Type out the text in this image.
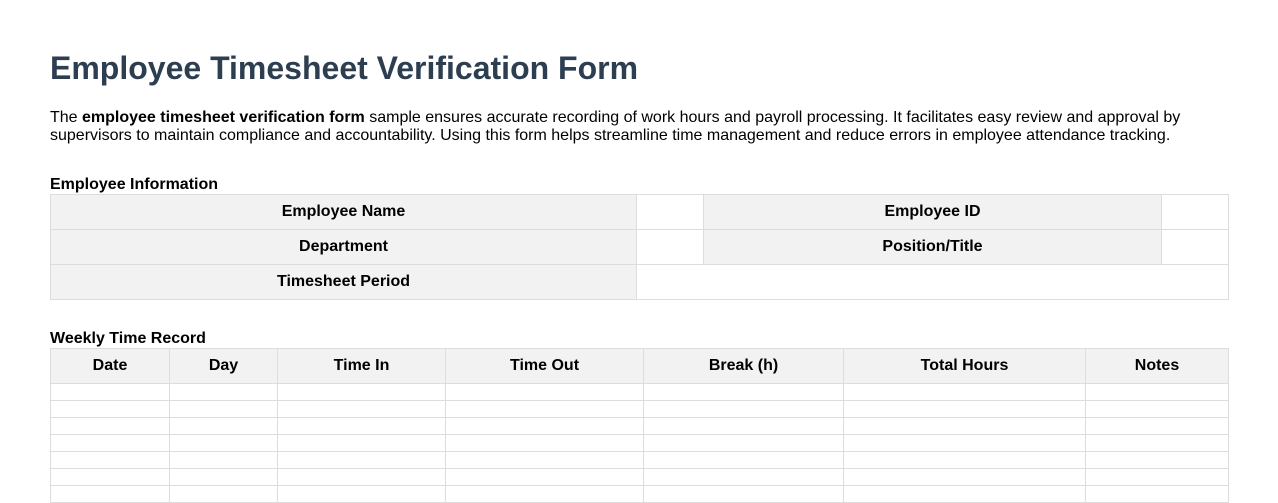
Employee Timesheet Verification Form

The employee timesheet verification form sample ensures accurate recording of work hours and payroll processing. It facilitates easy review and approval by supervisors to maintain compliance and accountability. Using this form helps streamline time management and reduce errors in employee attendance tracking.

Employee Information
Employee Name		Employee ID	
Department		Position/Title	
Timesheet Period			
Weekly Time Record
Date	Day	Time In	Time Out	Break (h)	Total Hours	Notes
